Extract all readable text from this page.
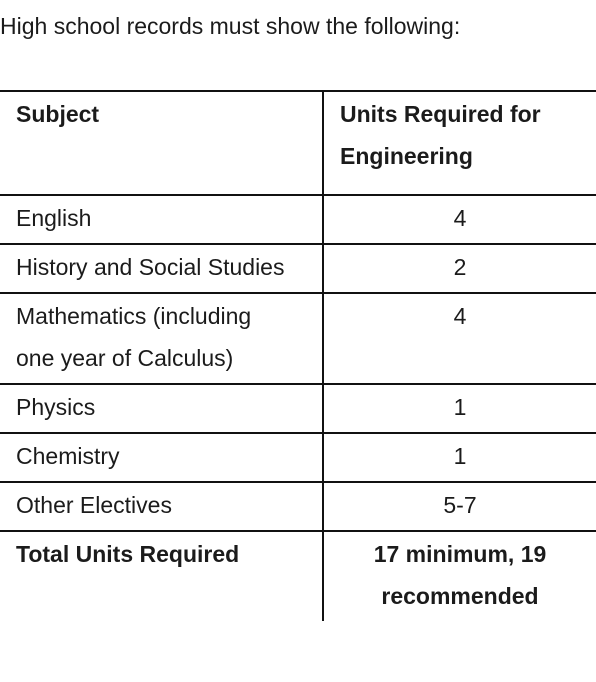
High school records must show the following:

Subject	Units Required for Engineering
English	4

History and Social Studies	2

Mathematics (including one year of Calculus)	4
Physics	1
Chemistry	1
Other Electives	5-7
Total Units Required	17 minimum, 19 recommended
